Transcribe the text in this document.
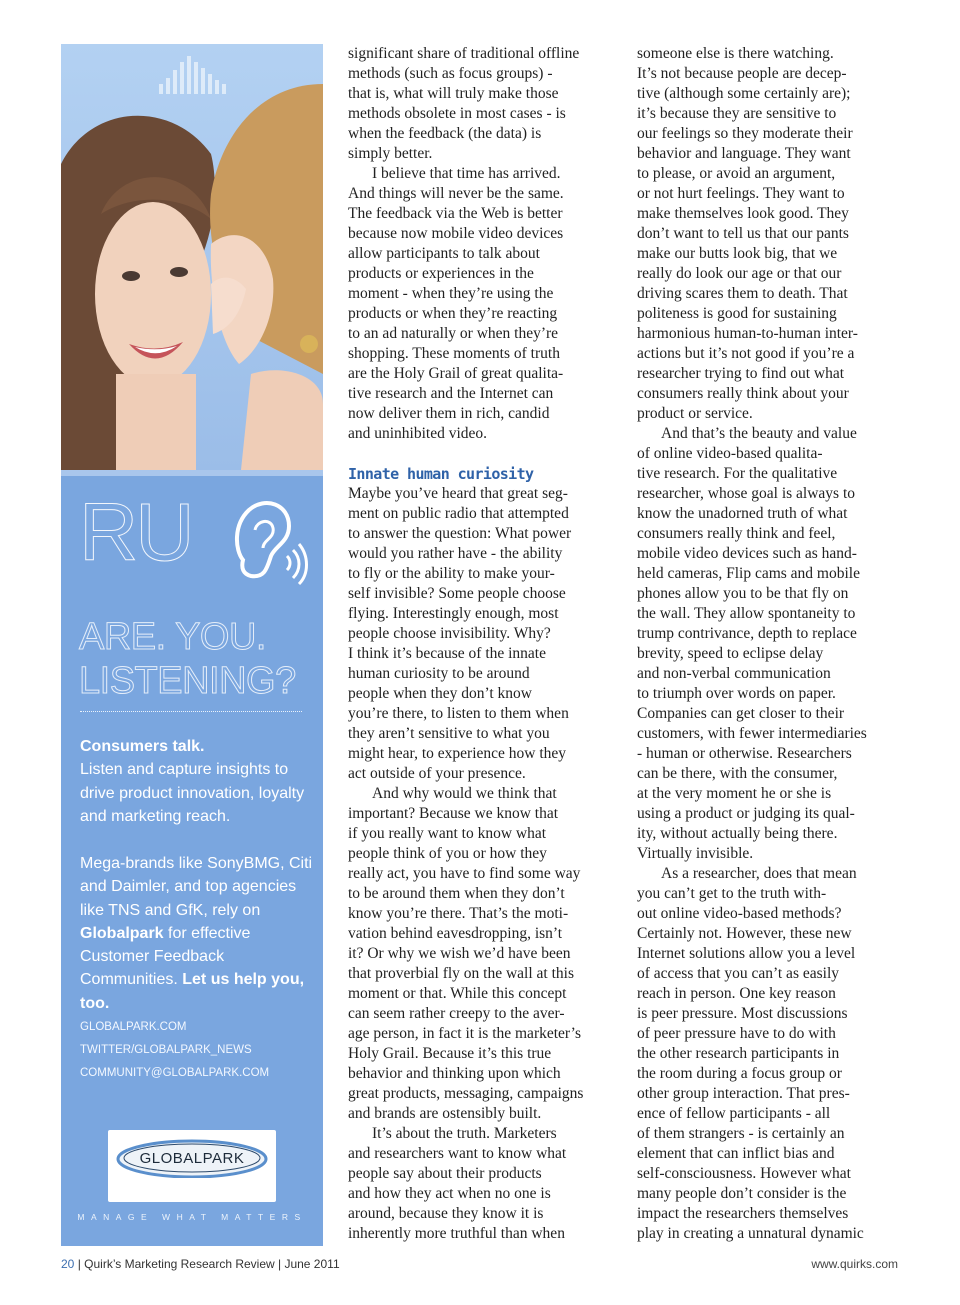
RU
ARE. YOU.
LISTENING?
Consumers talk.
Listen and capture insights to drive product innovation, loyalty and marketing reach.
Mega-brands like SonyBMG, Citi and Daimler, and top agencies like TNS and GfK, rely on Globalpark for effective Customer Feedback Communities. Let us help you, too.
GLOBALPARK.COM
TWITTER/GLOBALPARK_NEWS
COMMUNITY@GLOBALPARK.COM
GLOBALPARK
MANAGE WHAT MATTERS
significant share of traditional offline
methods (such as focus groups) -
that is, what will truly make those
methods obsolete in most cases - is
when the feedback (the data) is
simply better.
I believe that time has arrived.
And things will never be the same.
The feedback via the Web is better
because now mobile video devices
allow participants to talk about
products or experiences in the
moment - when they’re using the
products or when they’re reacting
to an ad naturally or when they’re
shopping. These moments of truth
are the Holy Grail of great qualita-
tive research and the Internet can
now deliver them in rich, candid
and uninhibited video.
Innate human curiosity
Maybe you’ve heard that great seg-
ment on public radio that attempted
to answer the question: What power
would you rather have - the ability
to fly or the ability to make your-
self invisible? Some people choose
flying. Interestingly enough, most
people choose invisibility. Why?
I think it’s because of the innate
human curiosity to be around
people when they don’t know
you’re there, to listen to them when
they aren’t sensitive to what you
might hear, to experience how they
act outside of your presence.
And why would we think that
important? Because we know that
if you really want to know what
people think of you or how they
really act, you have to find some way
to be around them when they don’t
know you’re there. That’s the moti-
vation behind eavesdropping, isn’t
it? Or why we wish we’d have been
that proverbial fly on the wall at this
moment or that. While this concept
can seem rather creepy to the aver-
age person, in fact it is the marketer’s
Holy Grail. Because it’s this true
behavior and thinking upon which
great products, messaging, campaigns
and brands are ostensibly built.
It’s about the truth. Marketers
and researchers want to know what
people say about their products
and how they act when no one is
around, because they know it is
inherently more truthful than when
someone else is there watching.
It’s not because people are decep-
tive (although some certainly are);
it’s because they are sensitive to
our feelings so they moderate their
behavior and language. They want
to please, or avoid an argument,
or not hurt feelings. They want to
make themselves look good. They
don’t want to tell us that our pants
make our butts look big, that we
really do look our age or that our
driving scares them to death. That
politeness is good for sustaining
harmonious human-to-human inter-
actions but it’s not good if you’re a
researcher trying to find out what
consumers really think about your
product or service.
And that’s the beauty and value
of online video-based qualita-
tive research. For the qualitative
researcher, whose goal is always to
know the unadorned truth of what
consumers really think and feel,
mobile video devices such as hand-
held cameras, Flip cams and mobile
phones allow you to be that fly on
the wall. They allow spontaneity to
trump contrivance, depth to replace
brevity, speed to eclipse delay
and non-verbal communication
to triumph over words on paper.
Companies can get closer to their
customers, with fewer intermediaries
- human or otherwise. Researchers
can be there, with the consumer,
at the very moment he or she is
using a product or judging its qual-
ity, without actually being there.
Virtually invisible.
As a researcher, does that mean
you can’t get to the truth with-
out online video-based methods?
Certainly not. However, these new
Internet solutions allow you a level
of access that you can’t as easily
reach in person. One key reason
is peer pressure. Most discussions
of peer pressure have to do with
the other research participants in
the room during a focus group or
other group interaction. That pres-
ence of fellow participants - all
of them strangers - is certainly an
element that can inflict bias and
self-consciousness. However what
many people don’t consider is the
impact the researchers themselves
play in creating a unnatural dynamic
20 | Quirk’s Marketing Research Review | June 2011	www.quirks.com
